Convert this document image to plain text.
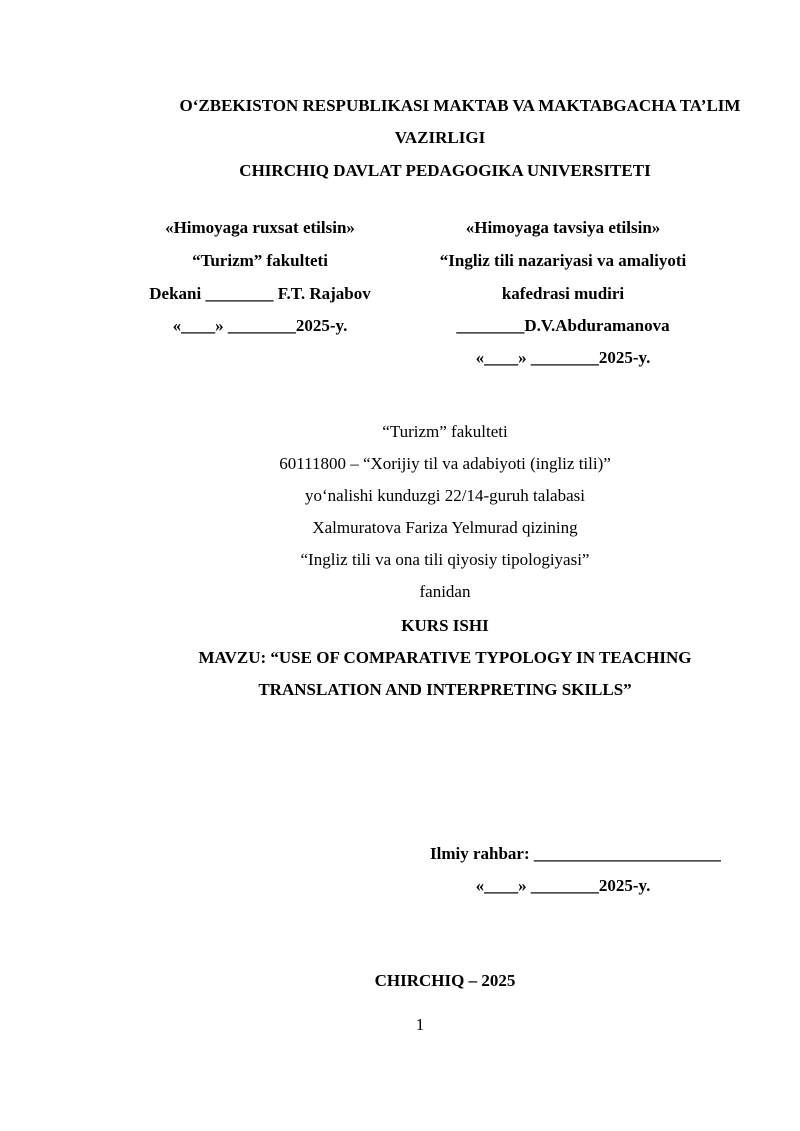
O‘ZBEKISTON RESPUBLIKASI MAKTAB VA MAKTABGACHA TA’LIM
VAZIRLIGI
CHIRCHIQ DAVLAT PEDAGOGIKA UNIVERSITETI
«Himoyaga ruxsat etilsin»
“Turizm” fakulteti
Dekani ________ F.T. Rajabov
«____» ________2025-y.
«Himoyaga tavsiya etilsin»
“Ingliz tili nazariyasi va amaliyoti
kafedrasi mudiri
________D.V.Abduramanova
«____» ________2025-y.
“Turizm” fakulteti
60111800 – “Xorijiy til va adabiyoti (ingliz tili)”
yo‘nalishi kunduzgi 22/14-guruh talabasi
Xalmuratova Fariza Yelmurad qizining
“Ingliz tili va ona tili qiyosiy tipologiyasi”
fanidan
KURS ISHI
MAVZU: “USE OF COMPARATIVE TYPOLOGY IN TEACHING
TRANSLATION AND INTERPRETING SKILLS”
Ilmiy rahbar: ______________________
«____» ________2025-y.
CHIRCHIQ – 2025
1
